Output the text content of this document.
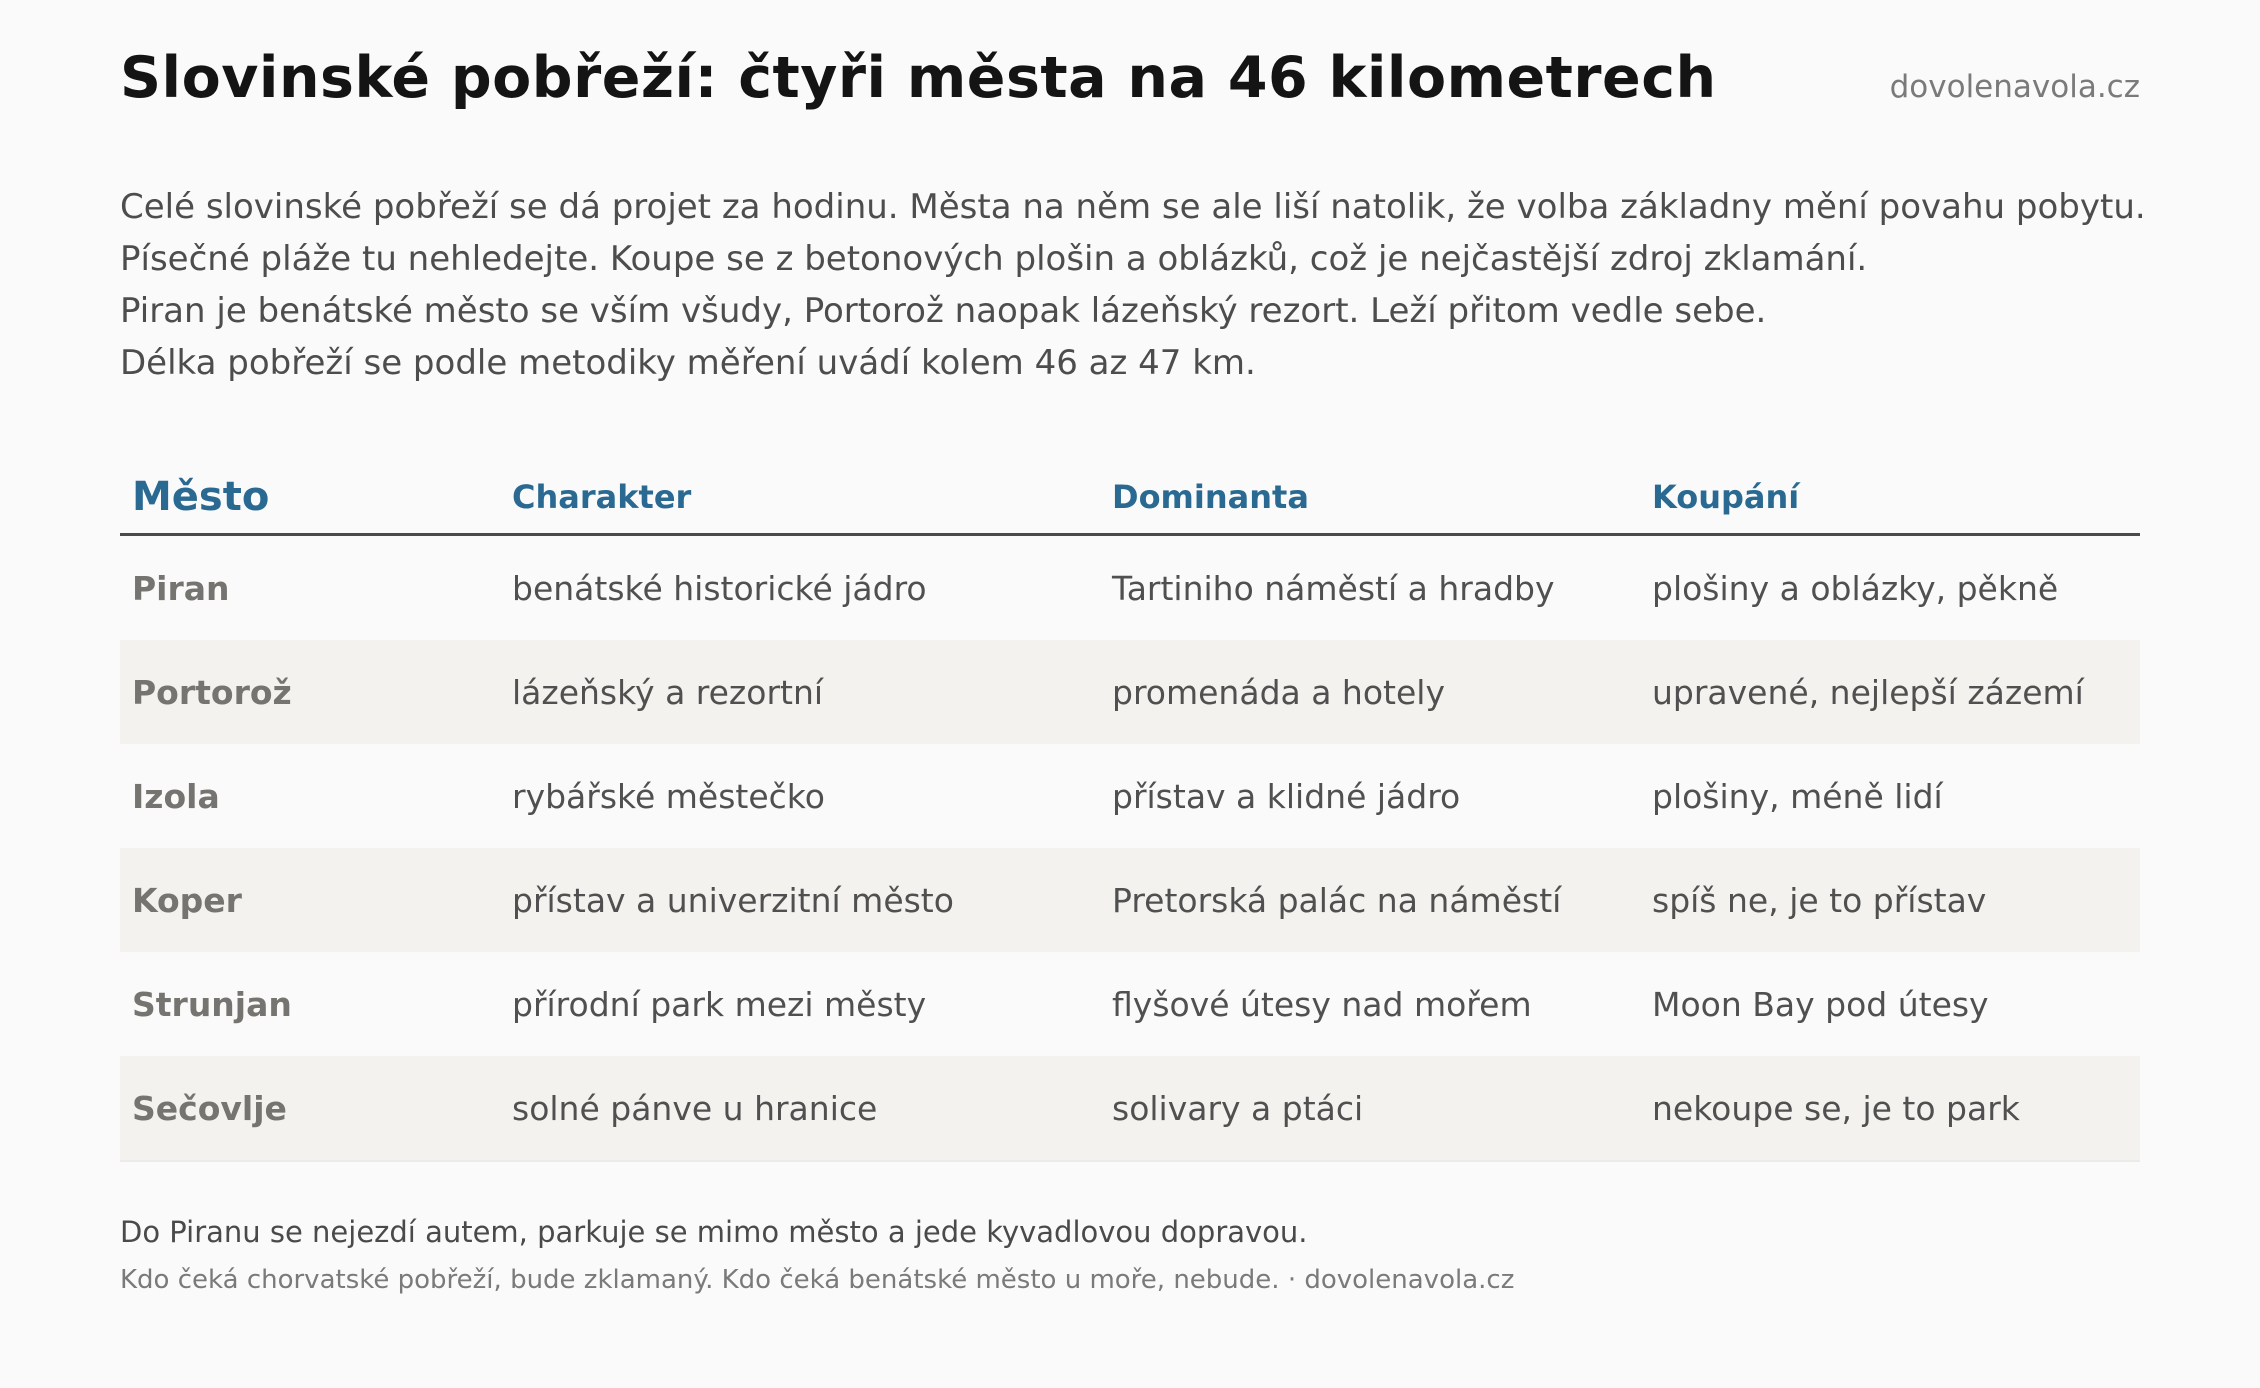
Slovinské pobřeží: čtyři města na 46 kilometrech	dovolenavola.cz

Celé slovinské pobřeží se dá projet za hodinu. Města na něm se ale liší natolik, že volba základny mění povahu pobytu.

Písečné pláže tu nehledejte. Koupe se z betonových plošin a oblázků, což je nejčastější zdroj zklamání.

Piran je benátské město se vším všudy, Portorož naopak lázeňský rezort. Leží přitom vedle sebe.

Délka pobřeží se podle metodiky měření uvádí kolem 46 az 47 km.

Město	Charakter	Dominanta	Koupání
Piran	benátské historické jádro	Tartiniho náměstí a hradby	plošiny a oblázky, pěkně
Portorož	lázeňský a rezortní	promenáda a hotely	upravené, nejlepší zázemí
Izola	rybářské městečko	přístav a klidné jádro	plošiny, méně lidí
Koper	přístav a univerzitní město	Pretorská palác na náměstí	spíš ne, je to přístav
Strunjan	přírodní park mezi městy	flyšové útesy nad mořem	Moon Bay pod útesy
Sečovlje	solné pánve u hranice	solivary a ptáci	nekoupe se, je to park

Do Piranu se nejezdí autem, parkuje se mimo město a jede kyvadlovou dopravou.

Kdo čeká chorvatské pobřeží, bude zklamaný. Kdo čeká benátské město u moře, nebude. · dovolenavola.cz
